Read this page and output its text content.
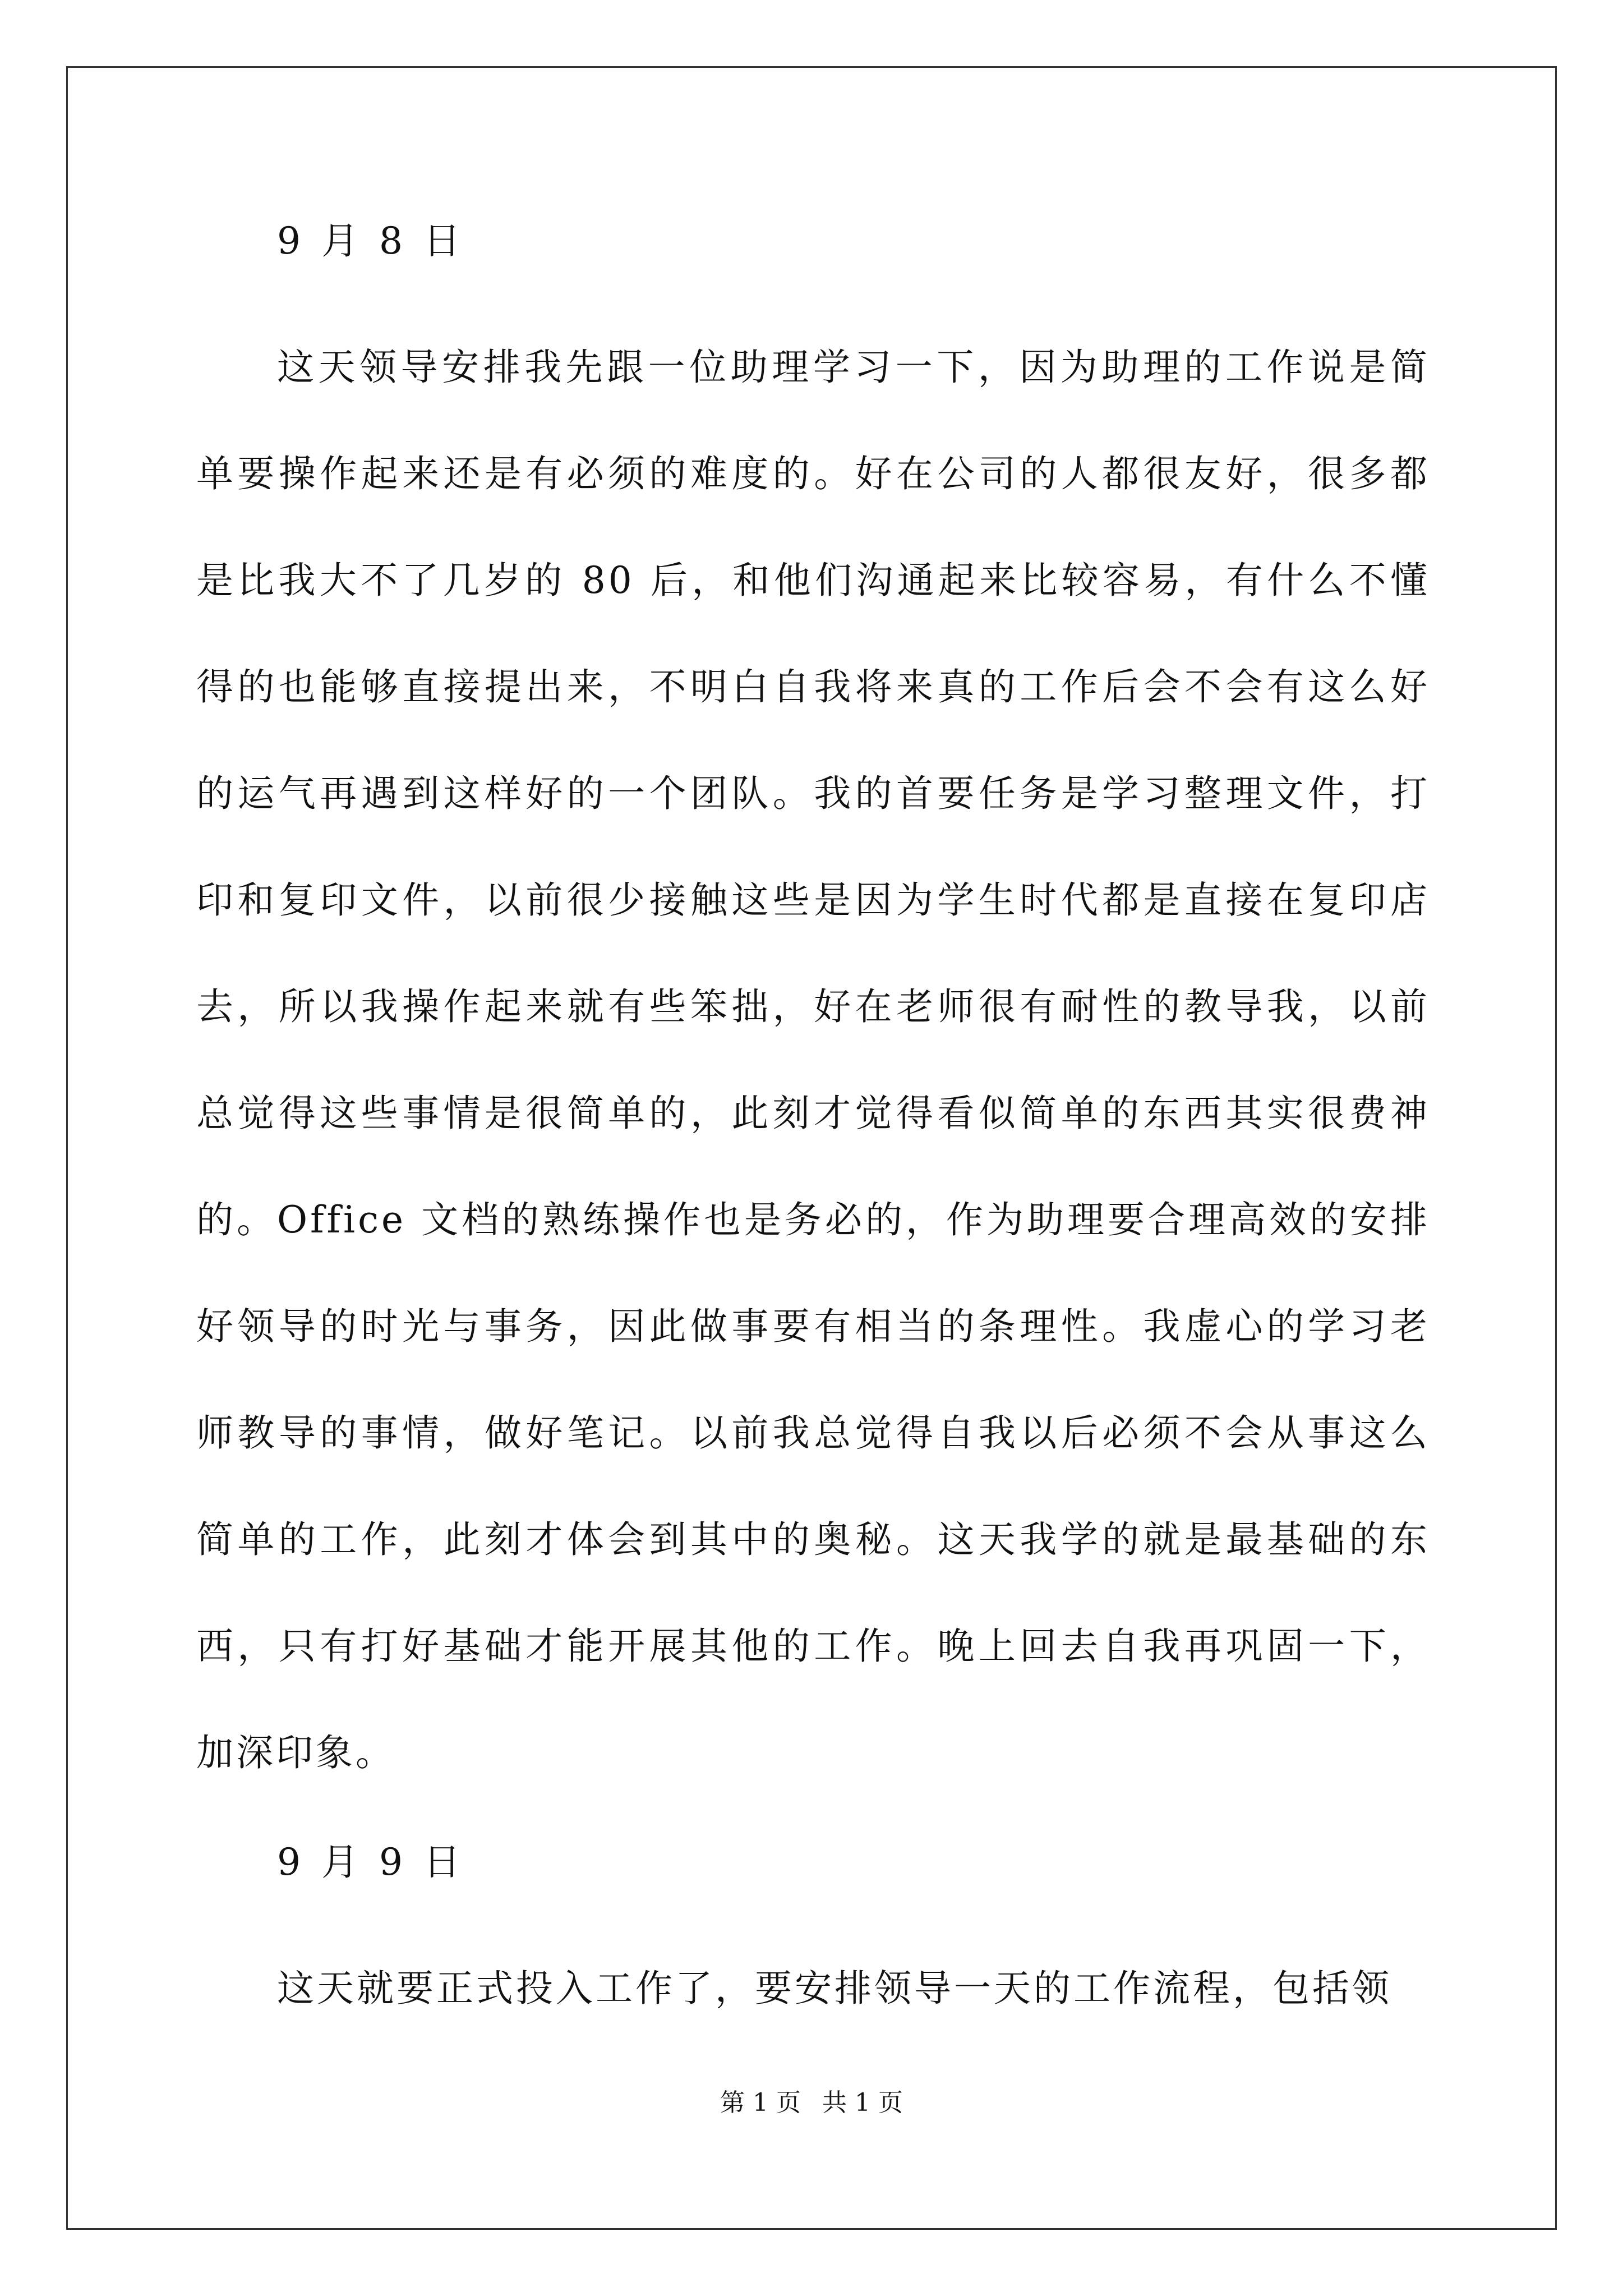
9 月 8 日

这天领导安排我先跟一位助理学习一下，因为助理的工作说是简单要操作起来还是有必须的难度的。好在公司的人都很友好，很多都是比我大不了几岁的 80 后，和他们沟通起来比较容易，有什么不懂得的也能够直接提出来，不明白自我将来真的工作后会不会有这么好的运气再遇到这样好的一个团队。我的首要任务是学习整理文件，打印和复印文件，以前很少接触这些是因为学生时代都是直接在复印店去，所以我操作起来就有些笨拙，好在老师很有耐性的教导我，以前总觉得这些事情是很简单的，此刻才觉得看似简单的东西其实很费神的。Office 文档的熟练操作也是务必的，作为助理要合理高效的安排好领导的时光与事务，因此做事要有相当的条理性。我虚心的学习老师教导的事情，做好笔记。以前我总觉得自我以后必须不会从事这么简单的工作，此刻才体会到其中的奥秘。这天我学的就是最基础的东西，只有打好基础才能开展其他的工作。晚上回去自我再巩固一下，加深印象。

9 月 9 日

这天就要正式投入工作了，要安排领导一天的工作流程，包括领

第 1 页 共 1 页
